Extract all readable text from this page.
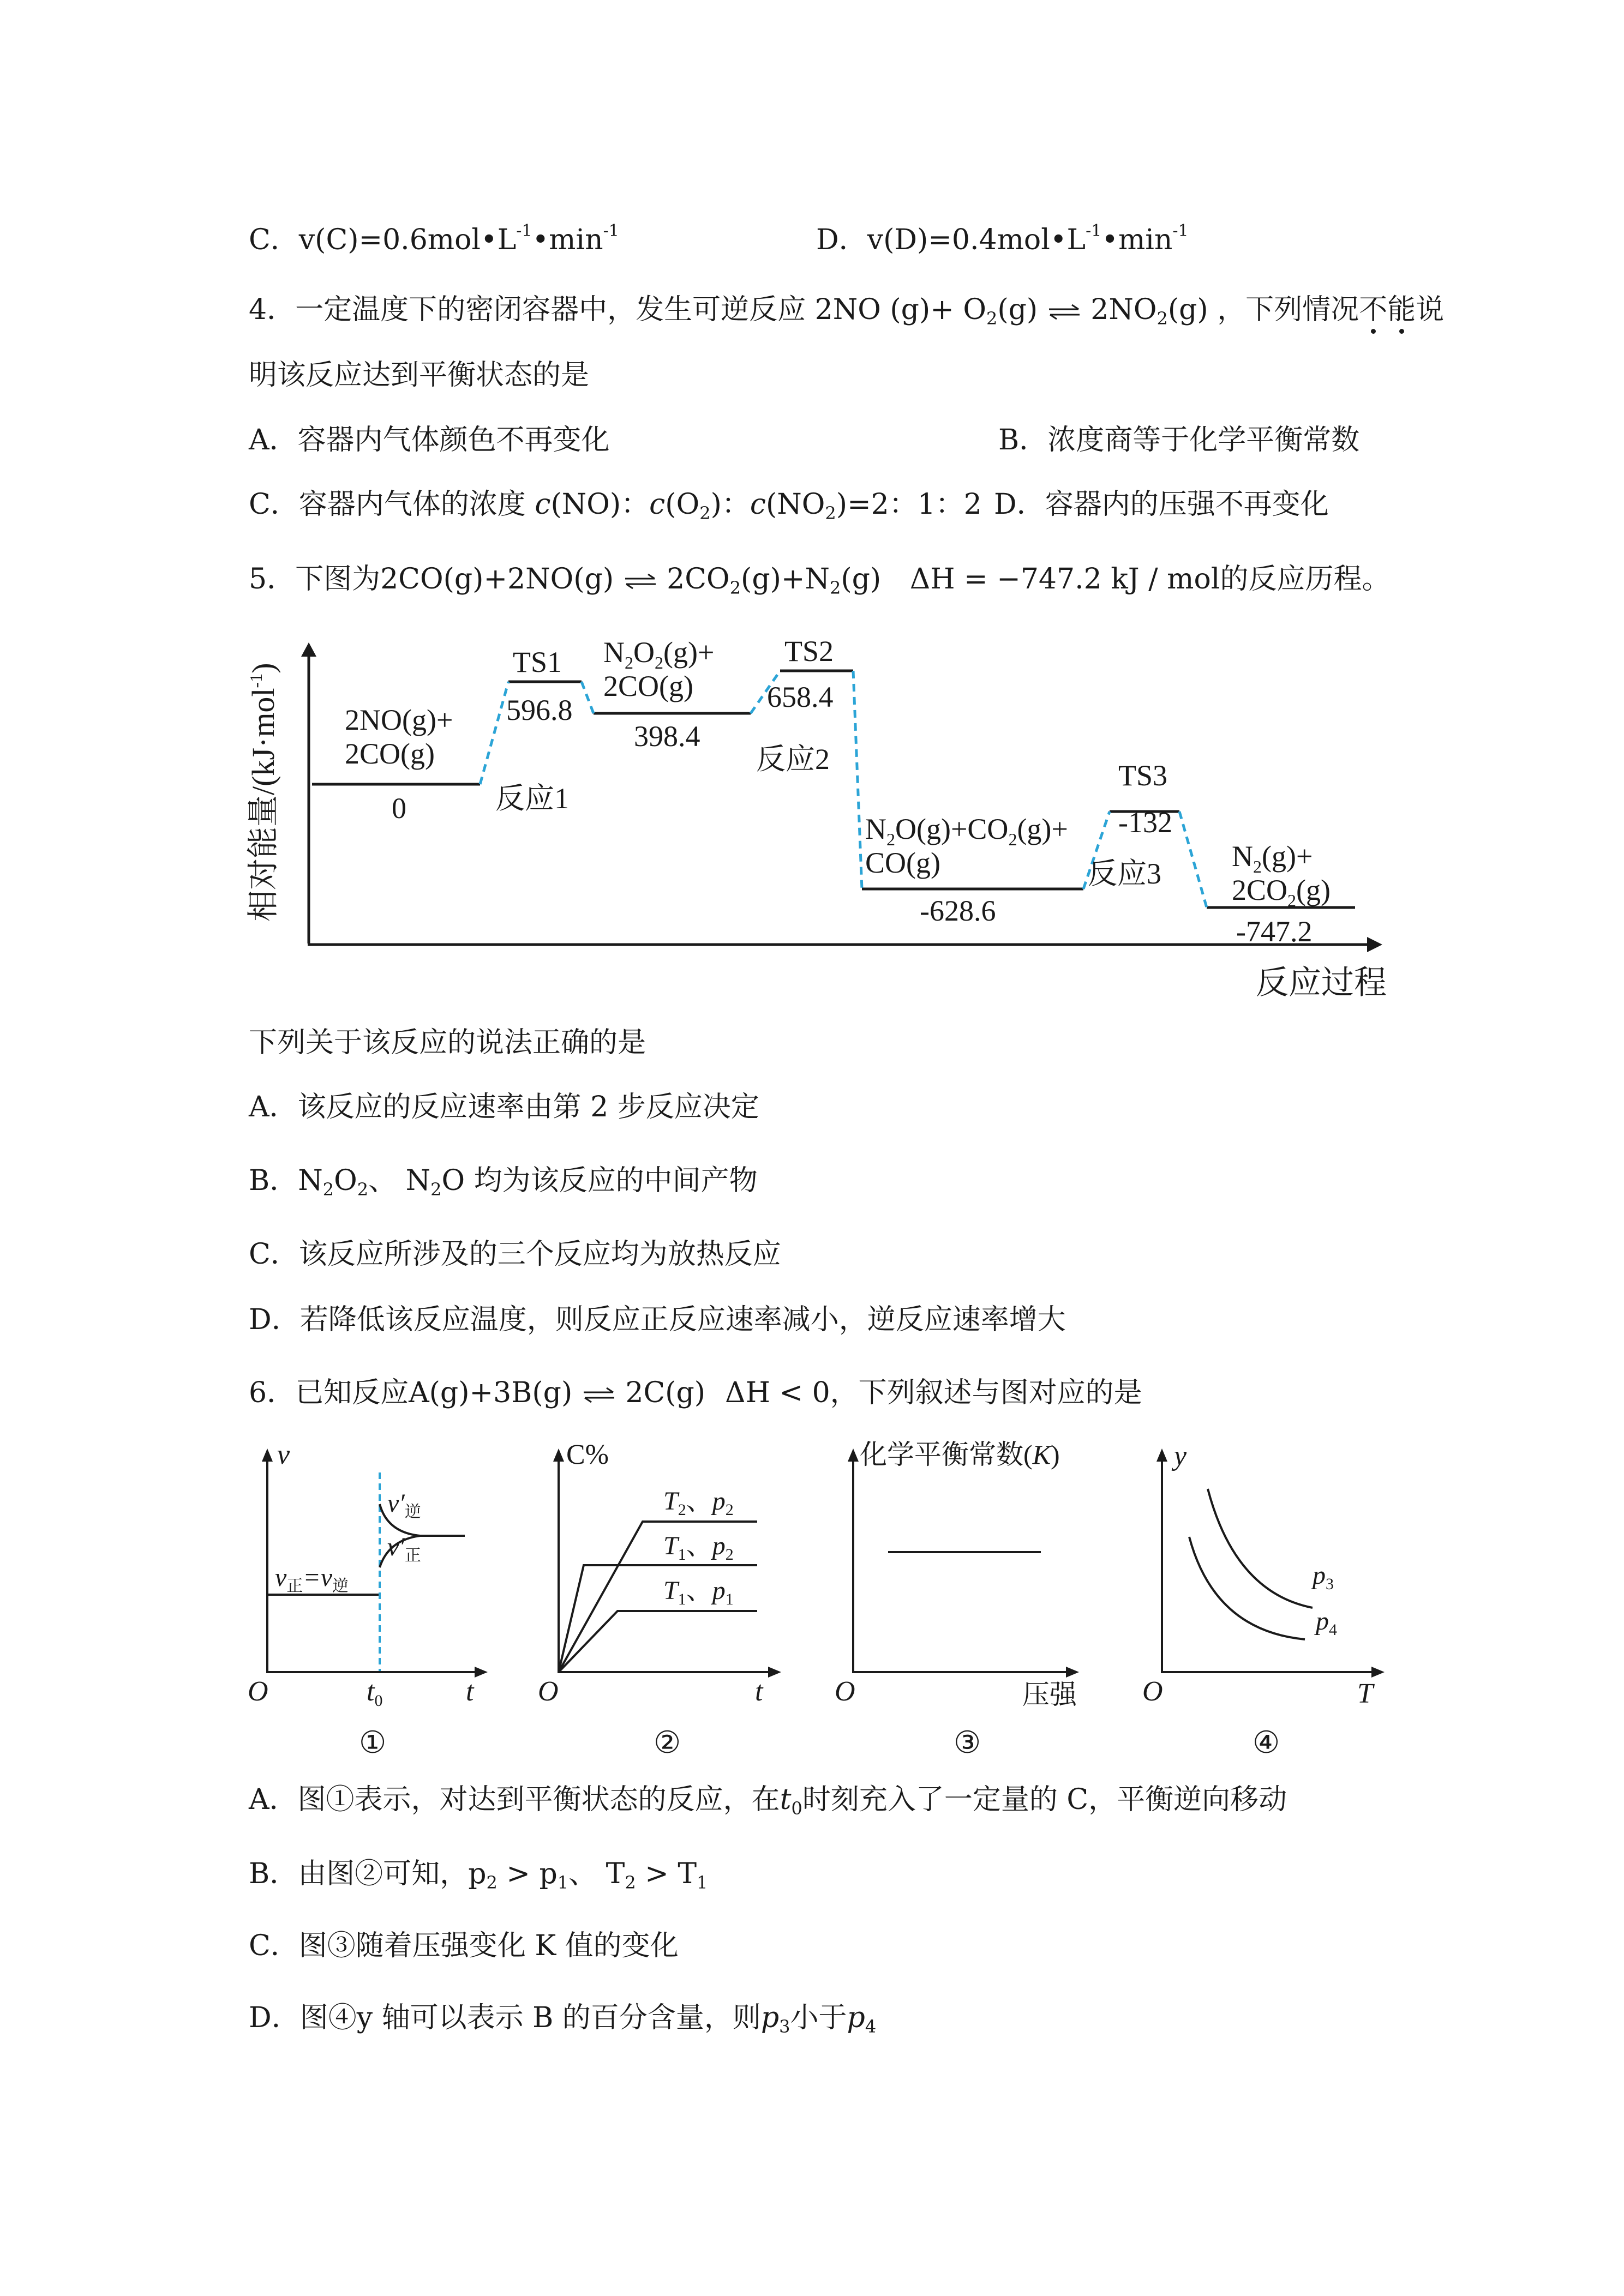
C．$v(C)=0.6mol•L^{-1}•\min^{-1}$	D．$v(D)=0.4mol•L^{-1}•\min^{-1}$
4．一定温度下的密闭容器中，发生可逆反应 2NO $(g)+ O_2(g)$ ⇌ $2NO_2(g)$ ，下列情况不能说
明该反应达到平衡状态的是
A．容器内气体颜色不再变化	B．浓度商等于化学平衡常数
C．容器内气体的浓度 c(NO)：$c(O_2)$：$c(NO_2)=2$：1：2 D．容器内的压强不再变化
5．下图为2CO(g)+2NO(g) ⇌ $2CO_2(g)+N_2(g) \Delta H = -747.2$ kJ / mol的反应历程。
相对能量/(kJ·mol$^{-1}$)
反应过程
2NO(g)+
2CO(g)
0
TS1
596.8
反应1
$N_2O_2(g)+$
2CO(g)
398.4
TS2
658.4
反应2
$N_2O(g)+CO_2(g)+$
CO(g)
-628.6
TS3
-132
反应3
$N_2(g)+$
$2CO_2(g)$
-747.2
下列关于该反应的说法正确的是
A．该反应的反应速率由第 2 步反应决定
B．$N_2O_2$、 $N_2O$ 均为该反应的中间产物
C．该反应所涉及的三个反应均为放热反应
D．若降低该反应温度，则反应正反应速率减小，逆反应速率增大
6．已知反应A(g)+3B(g) ⇌ 2C(g) ΔH < 0，下列叙述与图对应的是
v
O	t
t0
$v'_逆$
$v'_正$
$v_正=v_逆$
①
C%
O	t
$T_2$、$p_2$
$T_1$、$p_2$
$T_1$、$p_1$
②
化学平衡常数(K)
O	压强
③
y
O	T
$p_3$
$p_4$
④
A．图①表示，对达到平衡状态的反应，在$t_0$时刻充入了一定量的 C，平衡逆向移动
B．由图②可知，$p_2 > p_1$、 $T_2 > T_1$
C．图③随着压强变化 K 值的变化
D．图④y 轴可以表示 B 的百分含量，则$p_3$小于$p_4$
